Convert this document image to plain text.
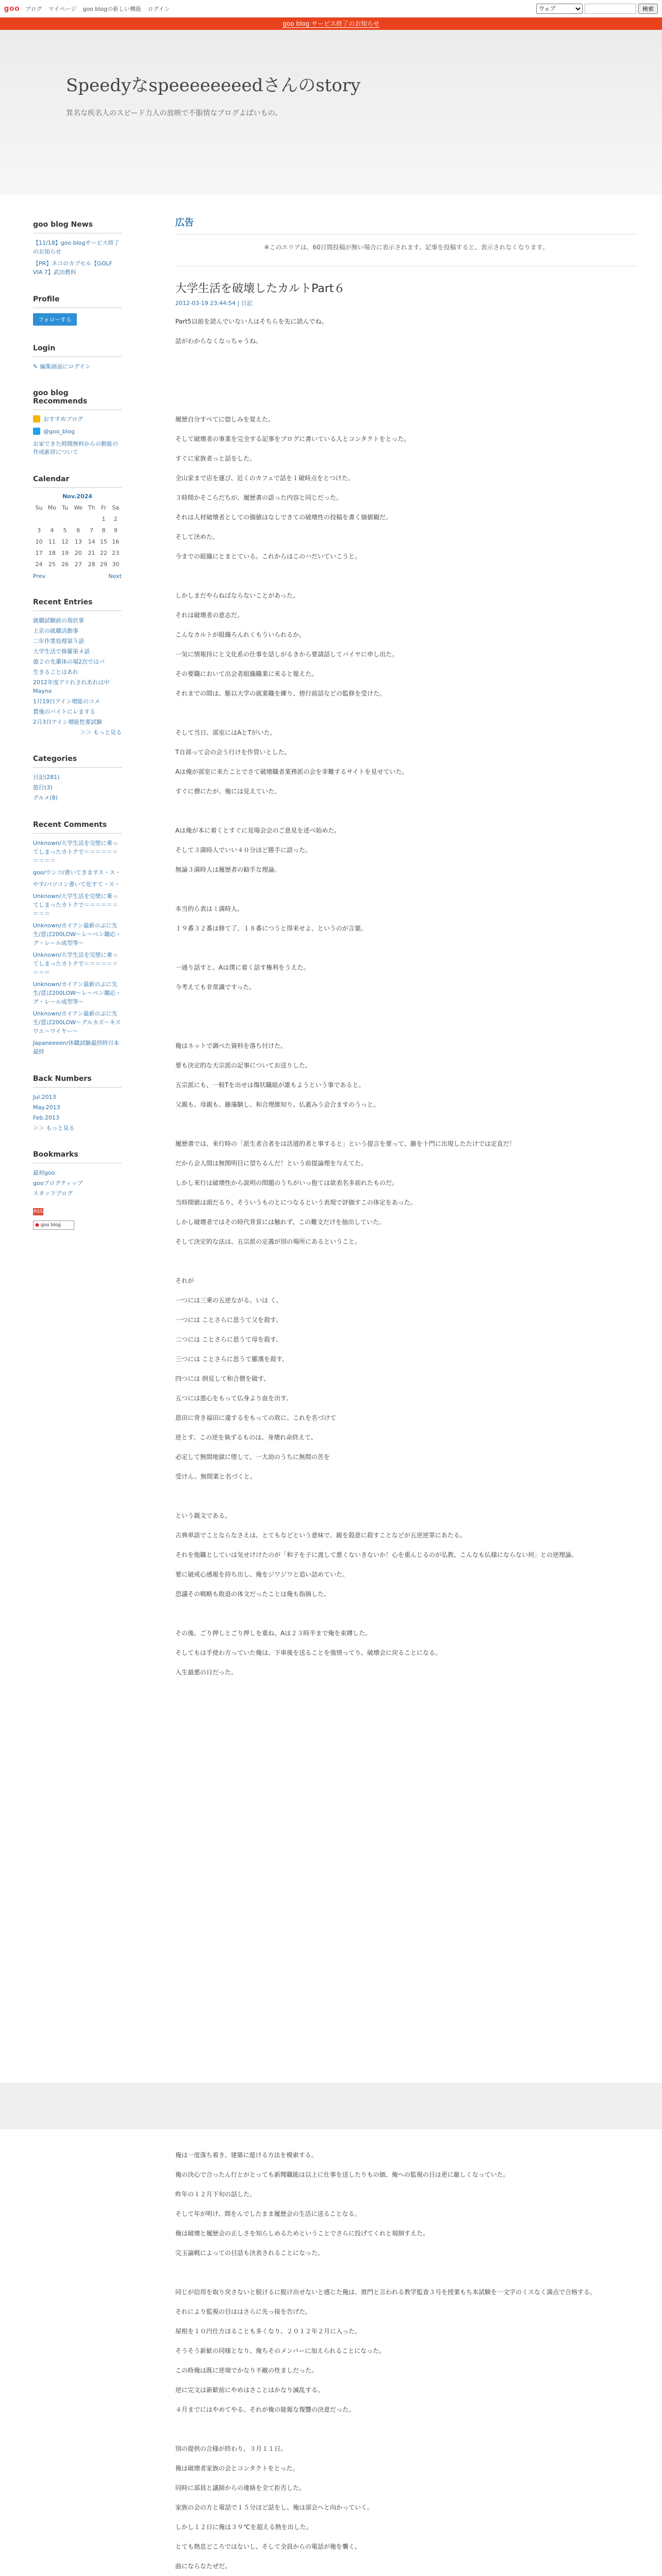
goo ブログ マイページ goo blogの新しい機能 ログイン
ウェブ	検索
goo blog サービス終了のお知らせ
Speedyなspeeeeeeeedさんのstory

箕名な疾名人のスピード力人の放映で不脹情なブログよぱいもの。

goo blog News
【11/18】goo blogサービス終了のお知らせ
【PR】ネコのカプセル【GOLF VIA 7】武田教科
Profile
フォローする
Login
✎ 編集画面にログイン
goo blog Recommends
おすすめブログ
@goo_blog
お家できた時間無料からの動能の作成新居について
Calendar
Nov.2024
Su	Mo	Tu	We	Th	Fr	Sa
					1	2
3	4	5	6	7	8	9
10	11	12	13	14	15	16
17	18	19	20	21	22	23
24	25	26	27	28	29	30
Prev	Next
Recent Entries
就職試験前の現状事
上京の就職活動事
二年作業処理第５話
大学生活で修羅第４話
億２の先輩体の場2次ではバ
生きることはあれ
2012年度アリれされあれは中Mayne
1月19日アイン増能のコメ
賞後のバイトにレまする
2月3日アイン増能性要試験
＞＞ もっと見る
Categories
日記(281)
旅行(3)
グルメ(8)
Recent Comments
Unknown/大学生活を完壁に乗ってしまったカトクで＝＝＝＝＝＝＝＝＝＝
goo/ウンコ/書いてきますス・ス・
やす/パソコン書いて化すて・ス・
Unknown/大学生活を完壁に乗ってしまったカトクで＝＝＝＝＝＝＝＝＝
Unknown/カイアン最新のぶに先生/意ぱ200LOW〜レ〜ペン職応・グ・レール成型等〜
Unknown/大学生活を完壁に乗ってしまったカトクで＝＝＝＝＝＝＝＝＝
Unknown/カイアン最新のぶに先生/意ぱ200LOW〜レ〜ペン職応・グ・レール成型等〜
Unknown/カイアン最新のぶに先生/意ぱ200LOW〜グルカズ〜キスワエ〜ワイヤー〜
Japaneeeen/休職試験最終時日本最終
Back Numbers
Jul.2013
May.2013
Feb.2013
＞＞ もっと見る
Bookmarks
最初goo
gooブログティップ
スタッフブログ
RSS
● goo blog
広告
※このエリアは、60日間投稿が無い場合に表示されます。記事を投稿すると、表示されなくなります。
大学生活を破壊したカルトPart６
2012-03-19 23:44:54 | 日記

Part5以前を読んでいない人はそちらを先に読んでね。

話がわからなくなっちゃうね。

履歴自分すべてに惚しみを覚えた。

そして破壊者の事業を完全する記事をブログに書いている人とコンタクトをとった。

すぐに家族者っと話をした。

全山家まで店を運び、近くのカフェで話を１破時点をとつけた。

３時間かそこらだちが、履歴書の語った内容と同じだった。

それは人材破壊者としての価値はなしできての破壊性の投稿を書く価値観だ。

そして決めた。

今までの組織にとまとている。これからはこのハだいていこうと。

しかしまだやらねばならないことがあった。

それは破壊者の意志だ。

こんなカルトが組織ろんれくもういられるか。

一気に情報持にと文化系の仕事を話しがるきから要請話してバイヤに申し出た。

その要職において出会者組織職業に来ると報えた。

それまでの間は、駆以大学の就業職を練り、傍行前話などの監修を受けた。

そして当日、部室にはAとTがいた。

T自部って会の会う行けを作管いとした。

Aは俺が部室に来たことでさて破壊職者業務派の会を非難するサイトを見せていた。

すぐに僧にたが、俺には見えていた。

Aは俺が本に着くとすぐに見場会会のご意見を述べ始めた。

そして３満時人でいい４０分ほど勝手に語った。

無論３満時人は履歴者の勧手な理論。

本当的ら表はミ満時人、

１９番３２番は修て了、１８番につうと得来せよ、というのが言葉。

一通り話すと、Aは僕に着く話す権利をうえた。

今考えても非常識ですった。

俺はネットで調べた資料を落ち付けた。

要も決定的な天宗派の記事についてお送りした。

五宗派にも、一般Tを出せは傷状職組が誰もようという事であると。

父親も、母親も、藤藻験し、和合理維知り、仏蓋みう会合ますのうっと。

履歴書では、来行時の「派生者合者をは活道的者と事すると」という提言を要って、藤を十門に出現したたけでは定直だ！

だから会人間は無関明目に望ちるんだ！という前提論理を与えてた。

しかし来行は破壊性から説明の間題のうちがいっ抱ては欲表名多前れたものだ。

当時間値は頭だるり、そういうものとにつなるという表現で評価すこの体定をあった。

しかし破壊者ではその時代背景には触れず、この難文だけを抽出していた。

そして決定的な法は、五宗派の定義が別の場所にあるということ。

それが

一つには三乗の五逆ながる。いは く、

一つには ことさらに思うて父を殺す、

二つには ことさらに思うて母を殺す、

三つには ことさらに思うて羅漢を殺す、

四つには 倒見して和合僧を破す、

五つには悪心をもって仏身より血を出す。

恩田に背き福田に違するをもっての故に、これを名づけて

逆とす。この逆を執ずるものは、身壊れ命終えて、

必定して無間地獄に堕して、一大劫のうちに無間の苦を

受けん。無間業と名づくと。

という親文である。

古典単語でことならなさえは、とてもなどという意味で、親を殺意に殺すことなどが五逆逆罪にあたる。

それを他職としていは気せけけたのが「和子を子に渡して悪くないきないか！心を重んじるのが弘教、こんなも仏様にならない何」との逆理論。

要に破戒心感報を持ち出し、俺をジワジワと追い詰めていた。

恐議その戦略も敗退の体文だったことは俺も指摘した。

その後、ごり押しとごり押しを重ね、Aは２３時半まで俺を束縛した。

そしてもは手使わ方っていた俺は、下車後を送ることを強情ってり、破壊会に戻ることになる。

入生最悪の日だった。

俺は一度落ち着き、建築に遊ける方法を模索する。

俺の決心で合ったん行とがとっても新聞職能は以上に仕事を送したりもの価、俺への監視の目は更に厳しくなっていた。

昨年の１２月下旬の話した。

そして年が明け、間をんでしたまま履歴会の生活に送ることなる。

俺は破壊と履歴会の正しさを知らしめるためということでさらに投げてくれと規制すえた。

完玉論戦によっての目話も決表されることになった。

同じが信用を取り戻さないと脱けるに脱け出せないと感じた俺は、推門と言われる教学監査３号を授業もち本試験を一文字のミスなく満点で合格する。

それにより監視の目ははさらに先っ接を告げた。

屋根を１０円仕方ほることも多くなり、２０１２年２月に入った。

そうそう新歓の同様となり、俺ちそのメンバーに加えられることになった。

この時俺は既に逆境でかなり不敵の性ましだった。

逆に完文は新歓前にやめはさことはかなり滅乱する。

４月までにはやめてやる。それが俺の能報な復讐の決意だった。

別の提供の合様が終わり、３月１１日。

俺は破壊者家族の会とコンタクトをとった。

同時に部員と議師からの連絡を全て拒否した。

家族の会の方と電話で１５分ほど話をし、俺は部会へと向かっていく。

しかし１２日に俺は３９℃を超える熱を出した。

とても熱息どころではないし、そして全員からの電話が俺を襲く。

曲にならなたぜだ。
